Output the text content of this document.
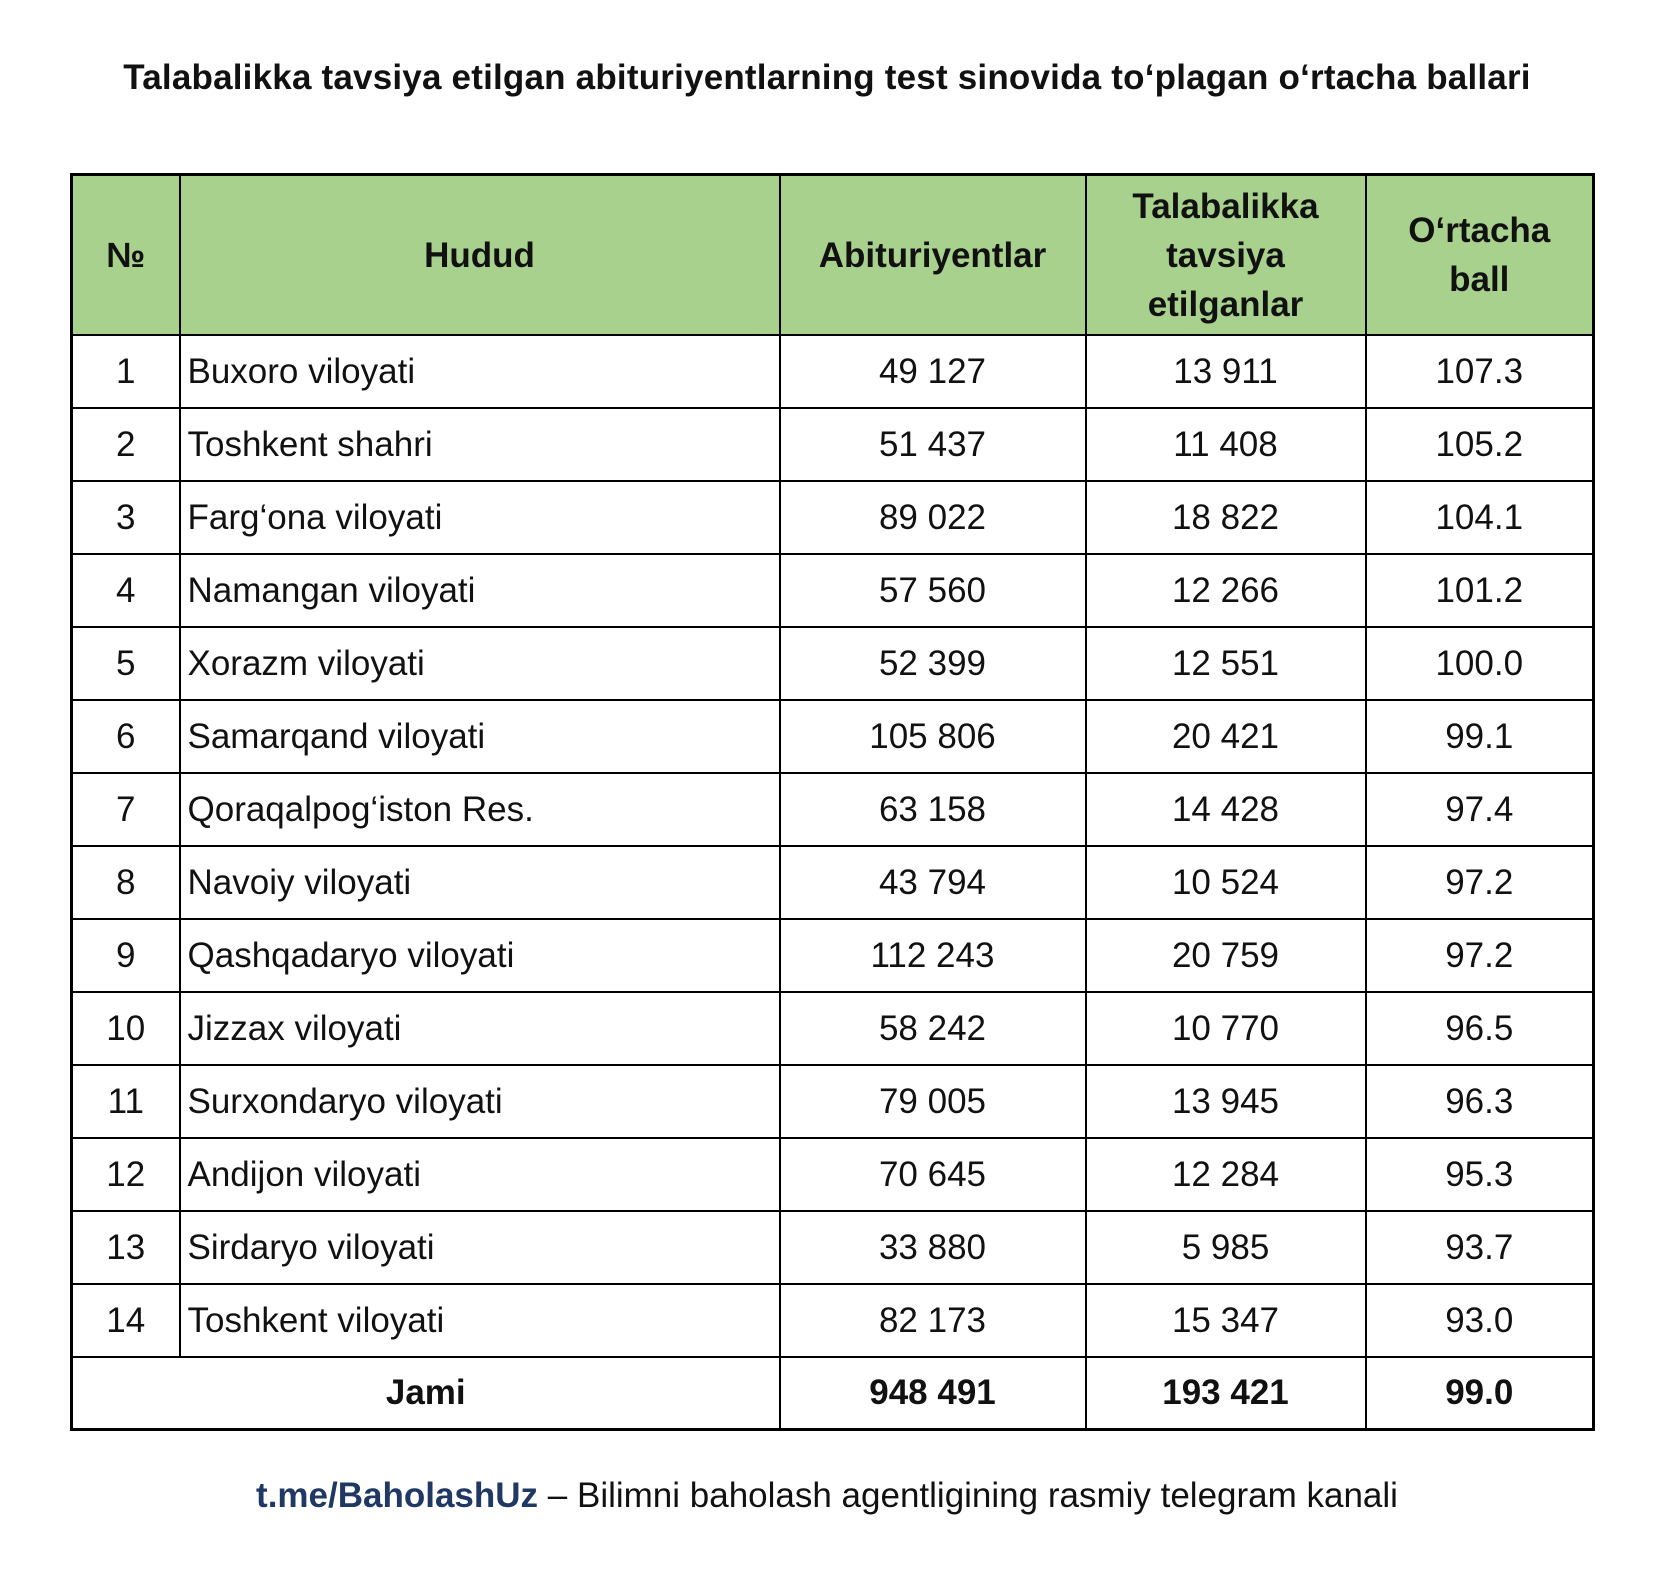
Talabalikka tavsiya etilgan abituriyentlarning test sinovida to‘plagan o‘rtacha ballari
№	Hudud	Abituriyentlar	Talabalikka tavsiya etilganlar	O‘rtacha ball
1	Buxoro viloyati	49 127	13 911	107.3
2	Toshkent shahri	51 437	11 408	105.2
3	Farg‘ona viloyati	89 022	18 822	104.1
4	Namangan viloyati	57 560	12 266	101.2
5	Xorazm viloyati	52 399	12 551	100.0
6	Samarqand viloyati	105 806	20 421	99.1
7	Qoraqalpog‘iston Res.	63 158	14 428	97.4
8	Navoiy viloyati	43 794	10 524	97.2
9	Qashqadaryo viloyati	112 243	20 759	97.2
10	Jizzax viloyati	58 242	10 770	96.5
11	Surxondaryo viloyati	79 005	13 945	96.3
12	Andijon viloyati	70 645	12 284	95.3
13	Sirdaryo viloyati	33 880	5 985	93.7
14	Toshkent viloyati	82 173	15 347	93.0
Jami		948 491	193 421	99.0
t.me/BaholashUz – Bilimni baholash agentligining rasmiy telegram kanali
